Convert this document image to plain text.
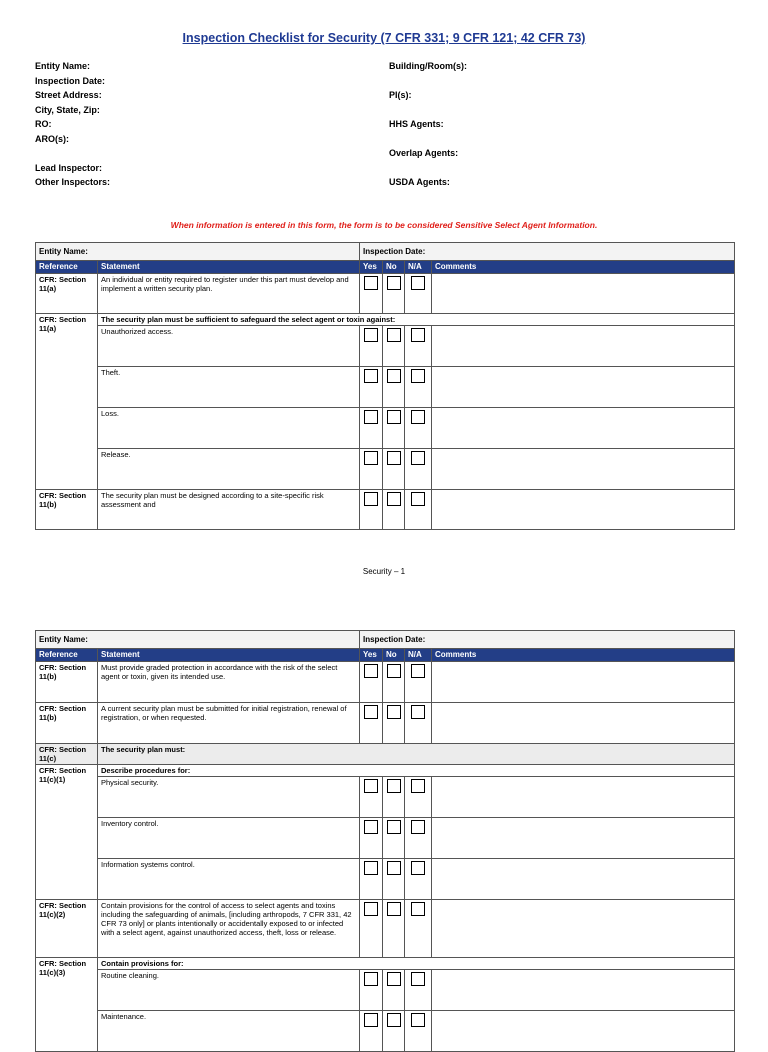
Inspection Checklist for Security (7 CFR 331; 9 CFR 121; 42 CFR 73)
Entity Name:
Inspection Date:
Street Address:
City, State, Zip:
RO:
ARO(s):
Lead Inspector:
Other Inspectors:
Building/Room(s):
PI(s):
HHS Agents:
Overlap Agents:
USDA Agents:
When information is entered in this form, the form is to be considered Sensitive Select Agent Information.
Entity Name:		Inspection Date:			
Reference	Statement	Yes	No	N/A	Comments
CFR: Section 11(a)	An individual or entity required to register under this part must develop and implement a written security plan.				
CFR: Section 11(a)	The security plan must be sufficient to safeguard the select agent or toxin against:				
	Unauthorized access.				
	Theft.				
	Loss.				
	Release.				
CFR: Section 11(b)	The security plan must be designed according to a site-specific risk assessment and				
Security – 1
Entity Name:		Inspection Date:			
Reference	Statement	Yes	No	N/A	Comments
CFR: Section 11(b)	Must provide graded protection in accordance with the risk of the select agent or toxin, given its intended use.				
CFR: Section 11(b)	A current security plan must be submitted for initial registration, renewal of registration, or when requested.				
CFR: Section 11(c)	The security plan must:				
CFR: Section 11(c)(1)	Describe procedures for:				
	Physical security.				
	Inventory control.				
	Information systems control.				
CFR: Section 11(c)(2)	Contain provisions for the control of access to select agents and toxins including the safeguarding of animals, [including arthropods, 7 CFR 331, 42 CFR 73 only] or plants intentionally or accidentally exposed to or infected with a select agent, against unauthorized access, theft, loss or release.				
CFR: Section 11(c)(3)	Contain provisions for:				
	Routine cleaning.				
	Maintenance.				
